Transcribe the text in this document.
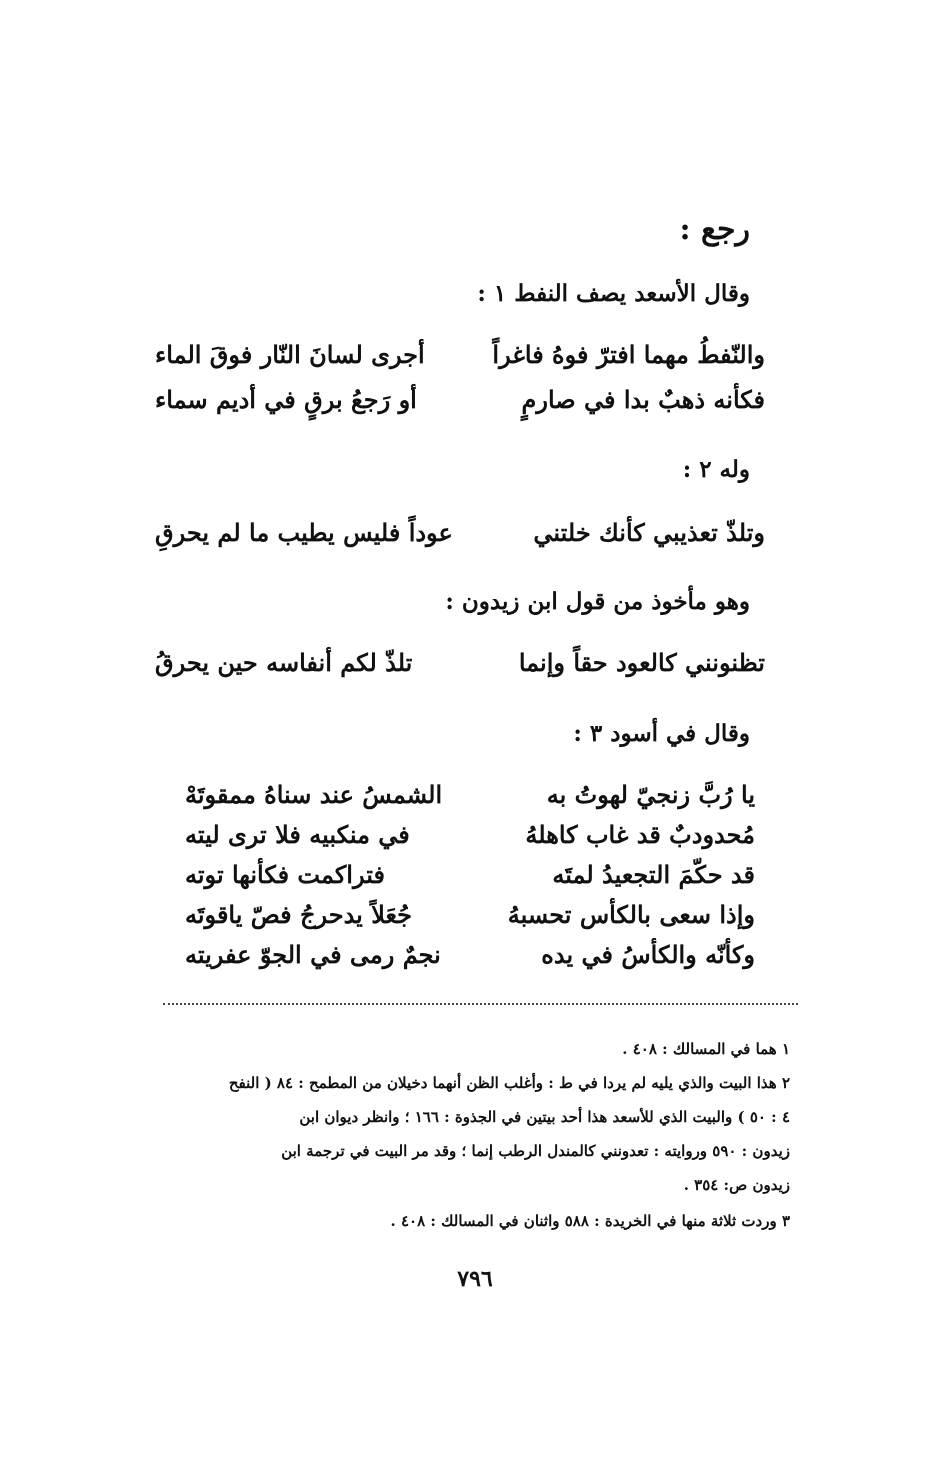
رجع :
وقال الأسعد يصف النفط ١ :
والنّفطُ مهما افترّ فوهُ فاغراً
أجرى لسانَ النّار فوقَ الماء
فكأنه ذهبٌ بدا في صارمٍ
أو رَجعُ برقٍ في أديم سماء
وله ٢ :
وتلذّ تعذيبي كأنك خلتني
عوداً فليس يطيب ما لم يحرقِ
وهو مأخوذ من قول ابن زيدون :
تظنونني كالعود حقاً وإنما
تلذّ لكم أنفاسه حين يحرقُ
وقال في أسود ٣ :
يا رُبَّ زنجيّ لهوتُ به
الشمسُ عند سناهُ ممقوتَهْ
مُحدودبٌ قد غاب كاهلهُ
في منكبيه فلا ترى ليته
قد حكّمَ التجعيدُ لمتَه
فتراكمت فكأنها توته
وإذا سعى بالكأس تحسبهُ
جُعَلاً يدحرجُ فصّ ياقوتَه
وكأنّه والكأسُ في يده
نجمٌ رمى في الجوّ عفريته
١ هما في المسالك : ٤٠٨ .
٢ هذا البيت والذي يليه لم يردا في ط : وأغلب الظن أنهما دخيلان من المطمح : ٨٤ ( النفح
٤ : ٥٠ ) والبيت الذي للأسعد هذا أحد بيتين في الجذوة : ١٦٦ ؛ وانظر ديوان ابن
زيدون : ٥٩٠ وروايته : تعدونني كالمندل الرطب إنما ؛ وقد مر البيت في ترجمة ابن
زيدون ص: ٣٥٤ .
٣ وردت ثلاثة منها في الخريدة : ٥٨٨ واثنان في المسالك : ٤٠٨ .
٧٩٦
